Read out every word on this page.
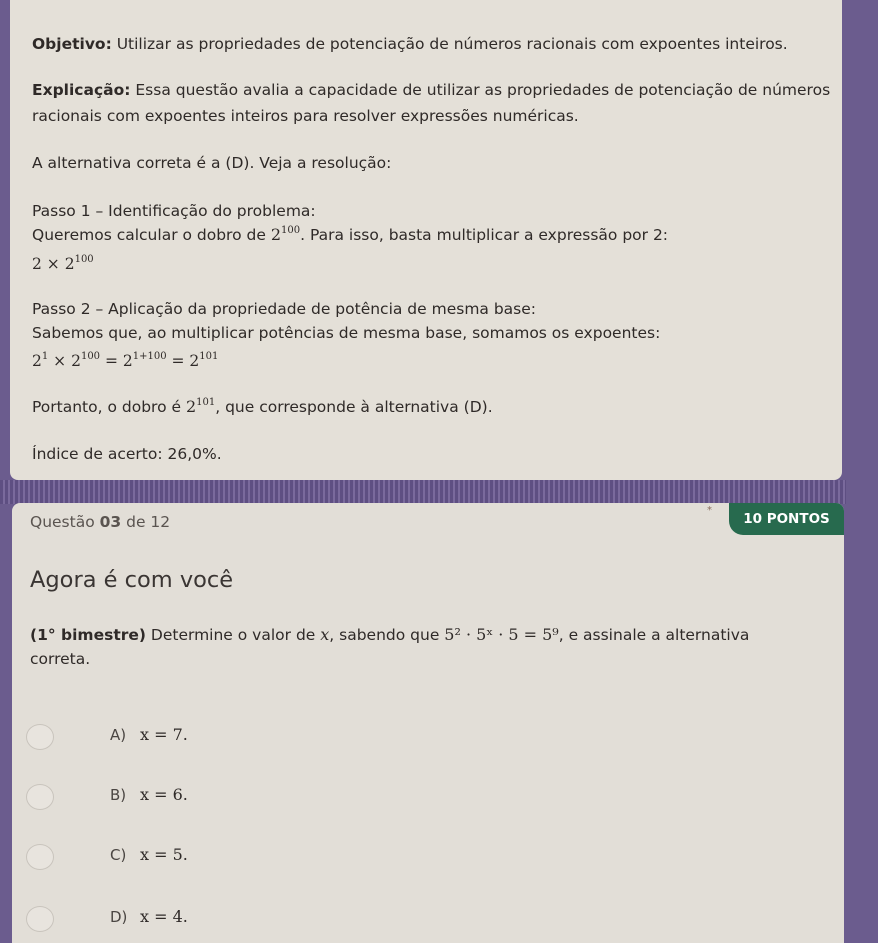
Objetivo: Utilizar as propriedades de potenciação de números racionais com expoentes inteiros.

Explicação: Essa questão avalia a capacidade de utilizar as propriedades de potenciação de números

racionais com expoentes inteiros para resolver expressões numéricas.

A alternativa correta é a (D). Veja a resolução:

Passo 1 – Identificação do problema:

Queremos calcular o dobro de $2^{100}$. Para isso, basta multiplicar a expressão por 2:

$2 \times 2^{100}$

Passo 2 – Aplicação da propriedade de potência de mesma base:

Sabemos que, ao multiplicar potências de mesma base, somamos os expoentes:

$2^1 \times 2^{100} = 2^{1+100} = 2^{101}$

Portanto, o dobro é $2^{101}$, que corresponde à alternativa (D).

Índice de acerto: 26,0%.

Questão 03 de 12
*
10 PONTOS
Agora é com você

(1° bimestre) Determine o valor de x, sabendo que 5² · 5ˣ · 5 = 5⁹, e assinale a alternativa
correta.

A) x = 7.
B) x = 6.
C) x = 5.
D) x = 4.
